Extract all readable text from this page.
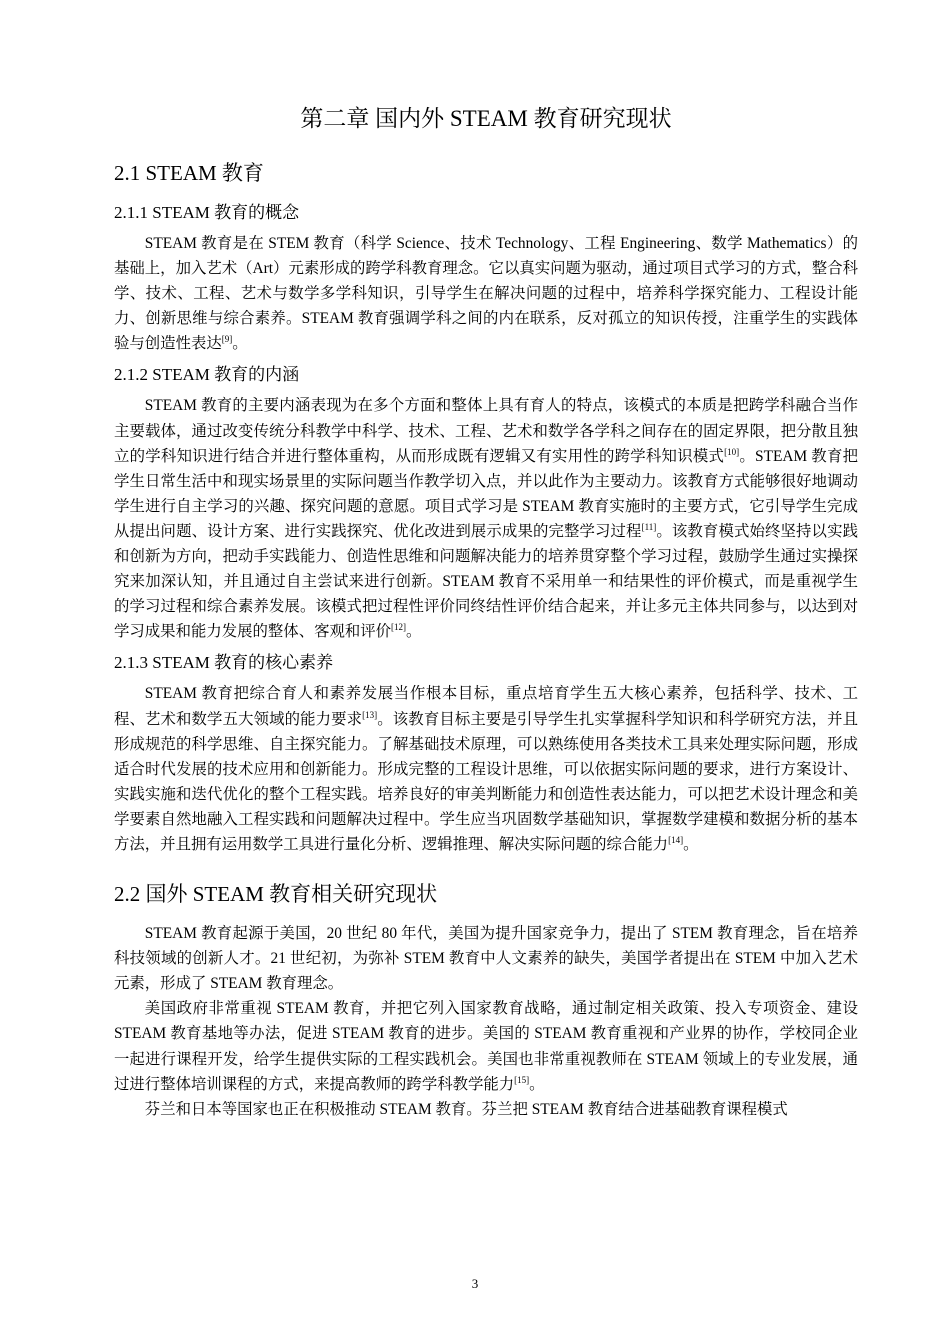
第二章 国内外 STEAM 教育研究现状
2.1 STEAM 教育
2.1.1 STEAM 教育的概念

STEAM 教育是在 STEM 教育（科学 Science、技术 Technology、工程 Engineering、数学 Mathematics）的基础上，加入艺术（Art）元素形成的跨学科教育理念。它以真实问题为驱动，通过项目式学习的方式，整合科学、技术、工程、艺术与数学多学科知识，引导学生在解决问题的过程中，培养科学探究能力、工程设计能力、创新思维与综合素养。STEAM 教育强调学科之间的内在联系，反对孤立的知识传授，注重学生的实践体验与创造性表达[9]。

2.1.2 STEAM 教育的内涵

STEAM 教育的主要内涵表现为在多个方面和整体上具有育人的特点，该模式的本质是把跨学科融合当作主要载体，通过改变传统分科教学中科学、技术、工程、艺术和数学各学科之间存在的固定界限，把分散且独立的学科知识进行结合并进行整体重构，从而形成既有逻辑又有实用性的跨学科知识模式[10]。STEAM 教育把学生日常生活中和现实场景里的实际问题当作教学切入点，并以此作为主要动力。该教育方式能够很好地调动学生进行自主学习的兴趣、探究问题的意愿。项目式学习是 STEAM 教育实施时的主要方式，它引导学生完成从提出问题、设计方案、进行实践探究、优化改进到展示成果的完整学习过程[11]。该教育模式始终坚持以实践和创新为方向，把动手实践能力、创造性思维和问题解决能力的培养贯穿整个学习过程，鼓励学生通过实操探究来加深认知，并且通过自主尝试来进行创新。STEAM 教育不采用单一和结果性的评价模式，而是重视学生的学习过程和综合素养发展。该模式把过程性评价同终结性评价结合起来，并让多元主体共同参与，以达到对学习成果和能力发展的整体、客观和评价[12]。

2.1.3 STEAM 教育的核心素养

STEAM 教育把综合育人和素养发展当作根本目标，重点培育学生五大核心素养，包括科学、技术、工程、艺术和数学五大领域的能力要求[13]。该教育目标主要是引导学生扎实掌握科学知识和科学研究方法，并且形成规范的科学思维、自主探究能力。了解基础技术原理，可以熟练使用各类技术工具来处理实际问题，形成适合时代发展的技术应用和创新能力。形成完整的工程设计思维，可以依据实际问题的要求，进行方案设计、实践实施和迭代优化的整个工程实践。培养良好的审美判断能力和创造性表达能力，可以把艺术设计理念和美学要素自然地融入工程实践和问题解决过程中。学生应当巩固数学基础知识，掌握数学建模和数据分析的基本方法，并且拥有运用数学工具进行量化分析、逻辑推理、解决实际问题的综合能力[14]。

2.2 国外 STEAM 教育相关研究现状

STEAM 教育起源于美国，20 世纪 80 年代，美国为提升国家竞争力，提出了 STEM 教育理念，旨在培养科技领域的创新人才。21 世纪初，为弥补 STEM 教育中人文素养的缺失，美国学者提出在 STEM 中加入艺术元素，形成了 STEAM 教育理念。

美国政府非常重视 STEAM 教育，并把它列入国家教育战略，通过制定相关政策、投入专项资金、建设 STEAM 教育基地等办法，促进 STEAM 教育的进步。美国的 STEAM 教育重视和产业界的协作，学校同企业一起进行课程开发，给学生提供实际的工程实践机会。美国也非常重视教师在 STEAM 领域上的专业发展，通过进行整体培训课程的方式，来提高教师的跨学科教学能力[15]。

芬兰和日本等国家也正在积极推动 STEAM 教育。芬兰把 STEAM 教育结合进基础教育课程模式

3
